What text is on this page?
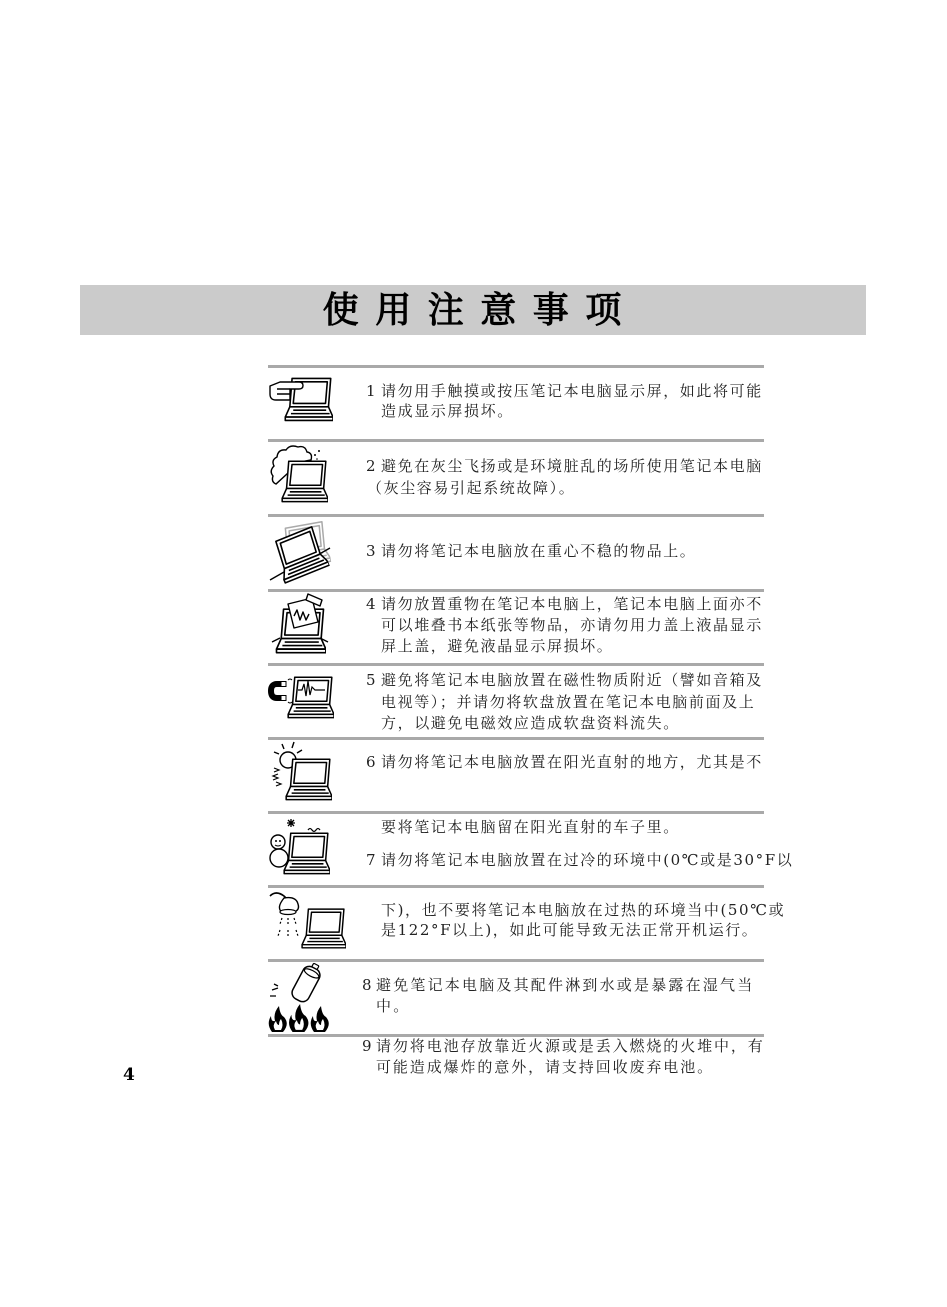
使 用 注 意 事 项
1 请勿用手触摸或按压笔记本电脑显示屏，如此将可能
造成显示屏损坏。
2 避免在灰尘飞扬或是环境脏乱的场所使用笔记本电脑
（灰尘容易引起系统故障）。
3 请勿将笔记本电脑放在重心不稳的物品上。
4 请勿放置重物在笔记本电脑上，笔记本电脑上面亦不
可以堆叠书本纸张等物品，亦请勿用力盖上液晶显示
屏上盖，避免液晶显示屏损坏。
5 避免将笔记本电脑放置在磁性物质附近（譬如音箱及
电视等）；并请勿将软盘放置在笔记本电脑前面及上
方，以避免电磁效应造成软盘资料流失。
6 请勿将笔记本电脑放置在阳光直射的地方，尤其是不
要将笔记本电脑留在阳光直射的车子里。
7 请勿将笔记本电脑放置在过冷的环境中(0℃或是30°F以
下)，也不要将笔记本电脑放在过热的环境当中(50℃或
是122°F以上)，如此可能导致无法正常开机运行。
8 避免笔记本电脑及其配件淋到水或是暴露在湿气当
中。
9 请勿将电池存放靠近火源或是丢入燃烧的火堆中，有
可能造成爆炸的意外，请支持回收废弃电池。
4
